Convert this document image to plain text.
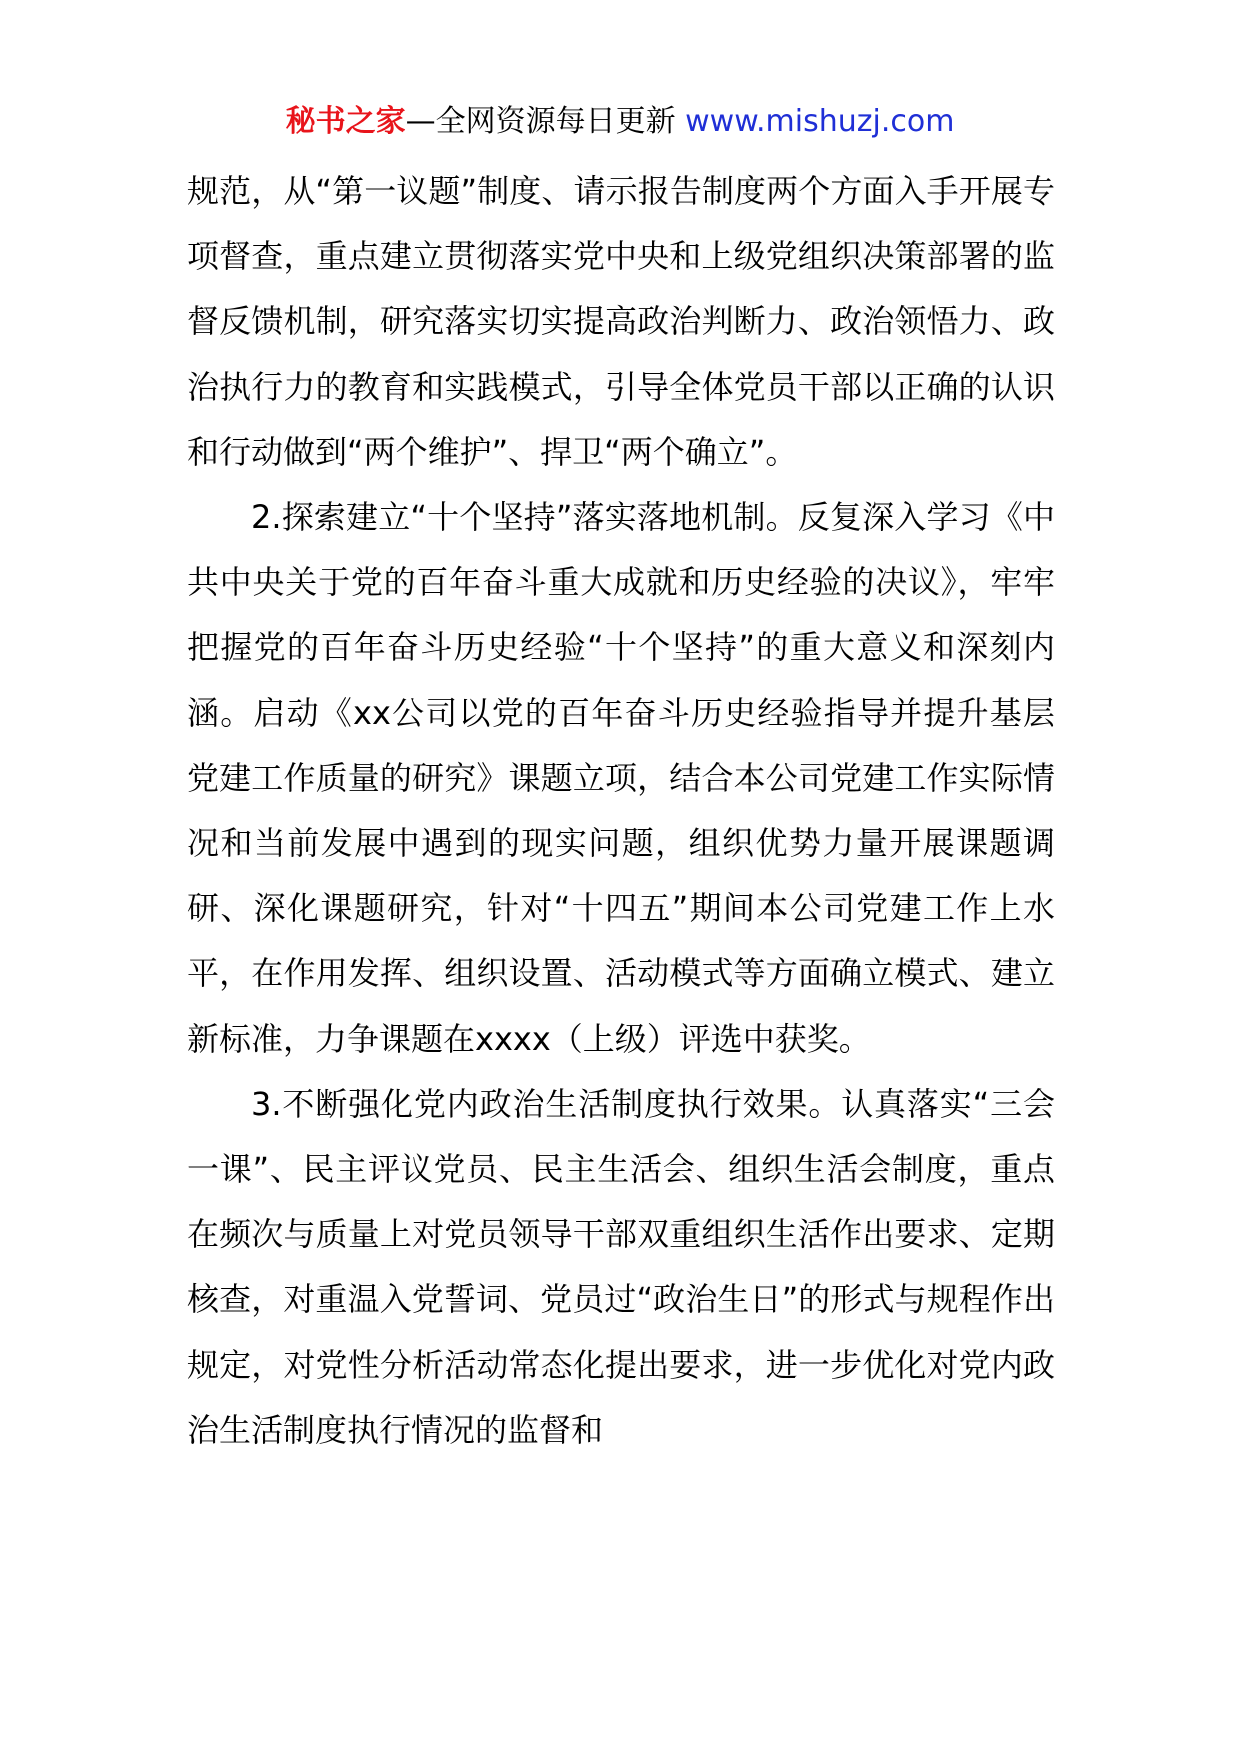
秘书之家—全网资源每日更新 www.mishuzj.com

规范，从“第一议题”制度、请示报告制度两个方面入手开展专项督查，重点建立贯彻落实党中央和上级党组织决策部署的监督反馈机制，研究落实切实提高政治判断力、政治领悟力、政治执行力的教育和实践模式，引导全体党员干部以正确的认识和行动做到“两个维护”、捍卫“两个确立”。

2.探索建立“十个坚持”落实落地机制。反复深入学习《中共中央关于党的百年奋斗重大成就和历史经验的决议》，牢牢把握党的百年奋斗历史经验“十个坚持”的重大意义和深刻内涵。启动《xx公司以党的百年奋斗历史经验指导并提升基层党建工作质量的研究》课题立项，结合本公司党建工作实际情况和当前发展中遇到的现实问题，组织优势力量开展课题调研、深化课题研究，针对“十四五”期间本公司党建工作上水平，在作用发挥、组织设置、活动模式等方面确立模式、建立新标准，力争课题在xxxx（上级）评选中获奖。

3.不断强化党内政治生活制度执行效果。认真落实“三会一课”、民主评议党员、民主生活会、组织生活会制度，重点在频次与质量上对党员领导干部双重组织生活作出要求、定期核查，对重温入党誓词、党员过“政治生日”的形式与规程作出规定，对党性分析活动常态化提出要求，进一步优化对党内政治生活制度执行情况的监督和
